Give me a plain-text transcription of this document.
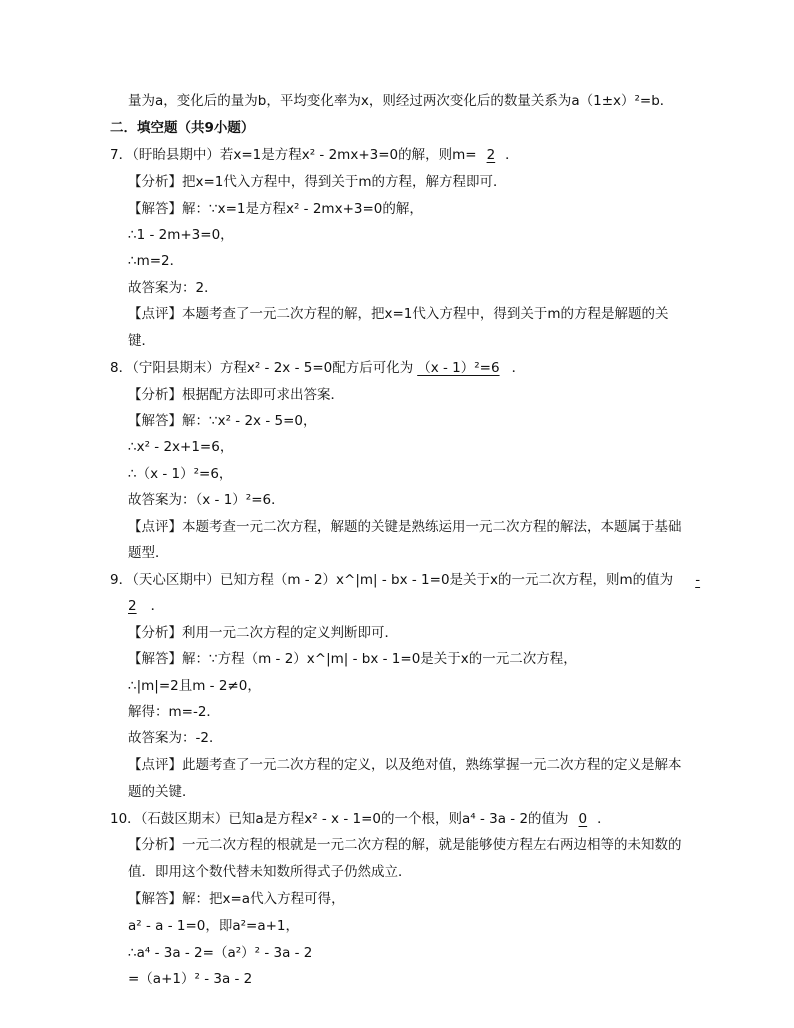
量为a，变化后的量为b，平均变化率为x，则经过两次变化后的数量关系为a（1±x）²=b．
二．填空题（共9小题）
7．（盱眙县期中）若x=1是方程x² - 2mx+3=0的解，则m= 2 ．
【分析】把x=1代入方程中，得到关于m的方程，解方程即可．
【解答】解：∵x=1是方程x² - 2mx+3=0的解，
∴1 - 2m+3=0，
∴m=2．
故答案为：2．
【点评】本题考查了一元二次方程的解，把x=1代入方程中，得到关于m的方程是解题的关
键．
8．（宁阳县期末）方程x² - 2x - 5=0配方后可化为 （x - 1）²=6 ．
【分析】根据配方法即可求出答案．
【解答】解：∵x² - 2x - 5=0，
∴x² - 2x+1=6，
∴（x - 1）²=6，
故答案为：（x - 1）²=6．
【点评】本题考查一元二次方程，解题的关键是熟练运用一元二次方程的解法，本题属于基础
题型．
9．（天心区期中）已知方程（m - 2）x^|m| - bx - 1=0是关于x的一元二次方程，则m的值为 -
2 ．
【分析】利用一元二次方程的定义判断即可．
【解答】解：∵方程（m - 2）x^|m| - bx - 1=0是关于x的一元二次方程，
∴|m|=2且m - 2≠0，
解得：m=-2．
故答案为：-2．
【点评】此题考查了一元二次方程的定义，以及绝对值，熟练掌握一元二次方程的定义是解本
题的关键．
10．（石鼓区期末）已知a是方程x² - x - 1=0的一个根，则a⁴ - 3a - 2的值为 0 ．
【分析】一元二次方程的根就是一元二次方程的解，就是能够使方程左右两边相等的未知数的
值．即用这个数代替未知数所得式子仍然成立．
【解答】解：把x=a代入方程可得，
a² - a - 1=0，即a²=a+1，
∴a⁴ - 3a - 2=（a²）² - 3a - 2
=（a+1）² - 3a - 2
